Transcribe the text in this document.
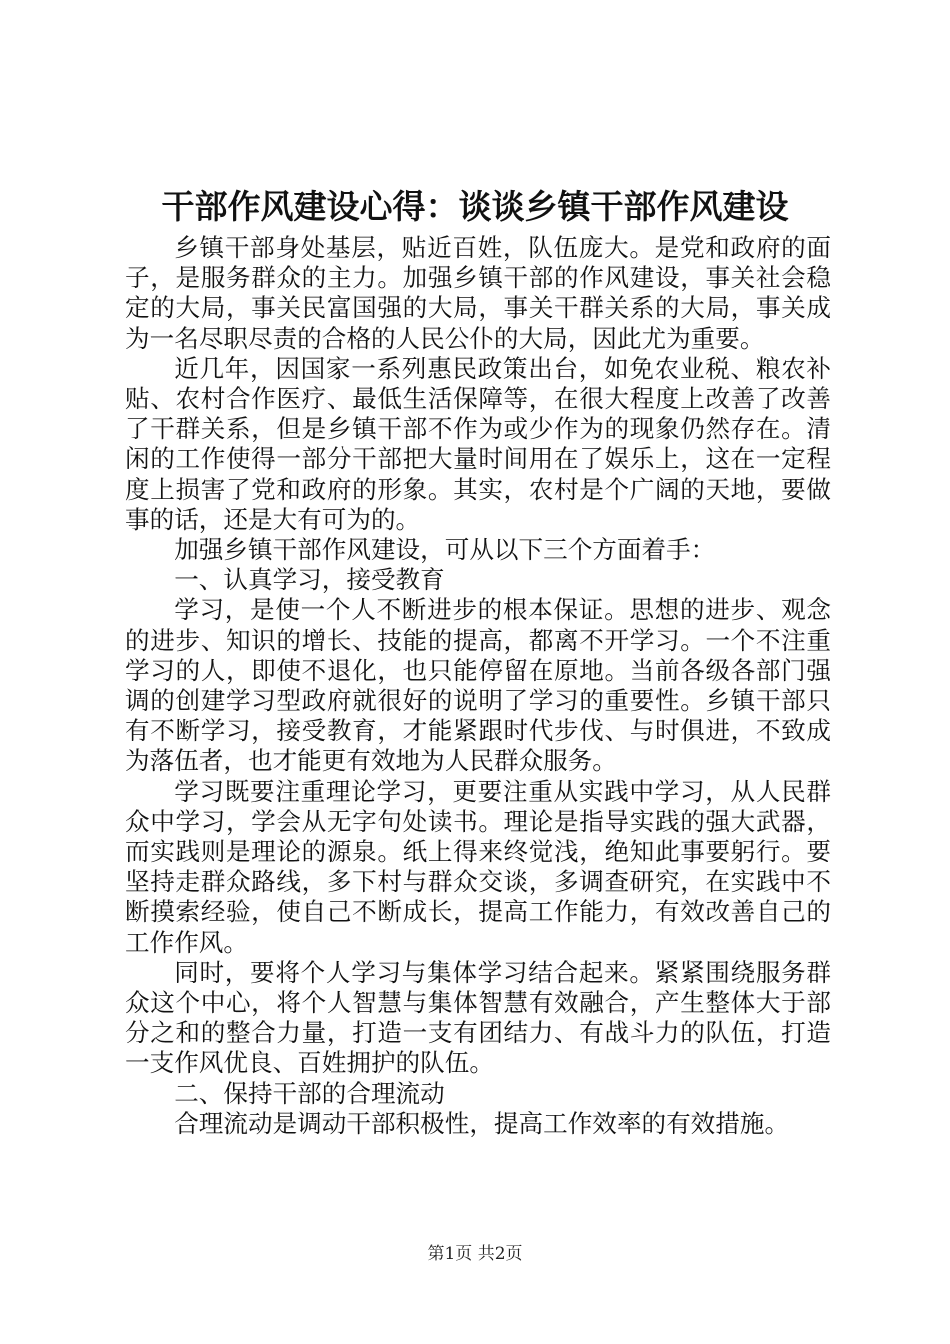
干部作风建设心得：谈谈乡镇干部作风建设

乡镇干部身处基层，贴近百姓，队伍庞大。是党和政府的面子，是服务群众的主力。加强乡镇干部的作风建设，事关社会稳定的大局，事关民富国强的大局，事关干群关系的大局，事关成为一名尽职尽责的合格的人民公仆的大局，因此尤为重要。

近几年，因国家一系列惠民政策出台，如免农业税、粮农补贴、农村合作医疗、最低生活保障等，在很大程度上改善了改善了干群关系，但是乡镇干部不作为或少作为的现象仍然存在。清闲的工作使得一部分干部把大量时间用在了娱乐上，这在一定程度上损害了党和政府的形象。其实，农村是个广阔的天地，要做事的话，还是大有可为的。

加强乡镇干部作风建设，可从以下三个方面着手：

一、认真学习，接受教育

学习，是使一个人不断进步的根本保证。思想的进步、观念的进步、知识的增长、技能的提高，都离不开学习。一个不注重学习的人，即使不退化，也只能停留在原地。当前各级各部门强调的创建学习型政府就很好的说明了学习的重要性。乡镇干部只有不断学习，接受教育，才能紧跟时代步伐、与时俱进，不致成为落伍者，也才能更有效地为人民群众服务。

学习既要注重理论学习，更要注重从实践中学习，从人民群众中学习，学会从无字句处读书。理论是指导实践的强大武器，而实践则是理论的源泉。纸上得来终觉浅，绝知此事要躬行。要坚持走群众路线，多下村与群众交谈，多调查研究，在实践中不断摸索经验，使自己不断成长，提高工作能力，有效改善自己的工作作风。

同时，要将个人学习与集体学习结合起来。紧紧围绕服务群众这个中心，将个人智慧与集体智慧有效融合，产生整体大于部分之和的整合力量，打造一支有团结力、有战斗力的队伍，打造一支作风优良、百姓拥护的队伍。

二、保持干部的合理流动

合理流动是调动干部积极性，提高工作效率的有效措施。

第1页 共2页
